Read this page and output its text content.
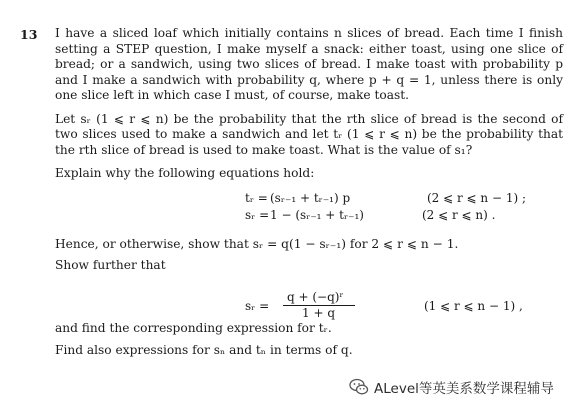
13 I have a sliced loaf which initially contains n slices of bread. Each time I finish setting a STEP question, I make myself a snack: either toast, using one slice of bread; or a sandwich, using two slices of bread. I make toast with probability p and I make a sandwich with probability q, where p + q = 1, unless there is only one slice left in which case I must, of course, make toast.

Let sᵣ (1 ⩽ r ⩽ n) be the probability that the rth slice of bread is the second of two slices used to make a sandwich and let tᵣ (1 ⩽ r ⩽ n) be the probability that the rth slice of bread is used to make toast. What is the value of s₁?

Explain why the following equations hold:

tᵣ = (sᵣ₋₁ + tᵣ₋₁) p	(2 ⩽ r ⩽ n − 1) ;
sᵣ = 1 − (sᵣ₋₁ + tᵣ₋₁)	(2 ⩽ r ⩽ n) .
Hence, or otherwise, show that sᵣ = q(1 − sᵣ₋₁) for 2 ⩽ r ⩽ n − 1.
Show further that
sᵣ =
q + (−q)ʳ
1 + q	(1 ⩽ r ⩽ n − 1) ,
and find the corresponding expression for tᵣ.
Find also expressions for sₙ and tₙ in terms of q.
ALevel等英美系数学课程辅导
